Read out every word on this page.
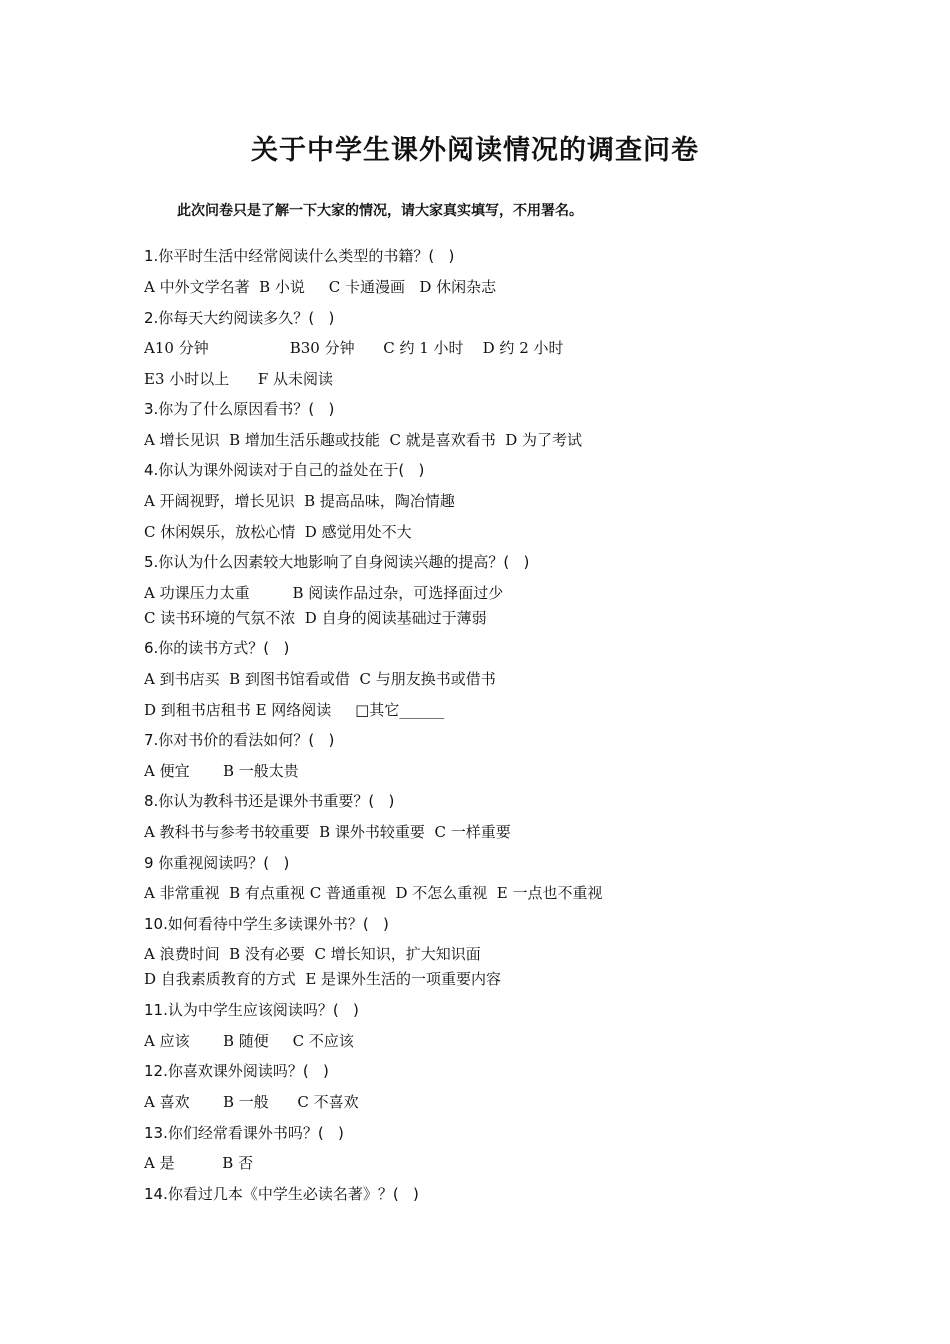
关于中学生课外阅读情况的调查问卷
此次问卷只是了解一下大家的情况，请大家真实填写，不用署名。
1.你平时生活中经常阅读什么类型的书籍？(   )
A 中外文学名著  B 小说     C 卡通漫画   D 休闲杂志
2.你每天大约阅读多久？(   )
A10 分钟                 B30 分钟      C 约 1 小时    D 约 2 小时
E3 小时以上      F 从未阅读
3.你为了什么原因看书？(   )
A 增长见识  B 增加生活乐趣或技能  C 就是喜欢看书  D 为了考试
4.你认为课外阅读对于自己的益处在于(   )
A 开阔视野，增长见识  B 提高品味，陶冶情趣
C 休闲娱乐，放松心情  D 感觉用处不大
5.你认为什么因素较大地影响了自身阅读兴趣的提高？(   )
A 功课压力太重         B 阅读作品过杂，可选择面过少
C 读书环境的气氛不浓  D 自身的阅读基础过于薄弱
6.你的读书方式？(   )
A 到书店买  B 到图书馆看或借  C 与朋友换书或借书
D 到租书店租书 E 网络阅读     □其它______
7.你对书价的看法如何？(   )
A 便宜       B 一般太贵
8.你认为教科书还是课外书重要？(   )
A 教科书与参考书较重要  B 课外书较重要  C 一样重要
9 你重视阅读吗？(   )
A 非常重视  B 有点重视 C 普通重视  D 不怎么重视  E 一点也不重视
10.如何看待中学生多读课外书？(   )
A 浪费时间  B 没有必要  C 增长知识，扩大知识面
D 自我素质教育的方式  E 是课外生活的一项重要内容
11.认为中学生应该阅读吗？(   )
A 应该       B 随便     C 不应该
12.你喜欢课外阅读吗？(   )
A 喜欢       B 一般      C 不喜欢
13.你们经常看课外书吗？(   )
A 是          B 否
14.你看过几本《中学生必读名著》？(   )
